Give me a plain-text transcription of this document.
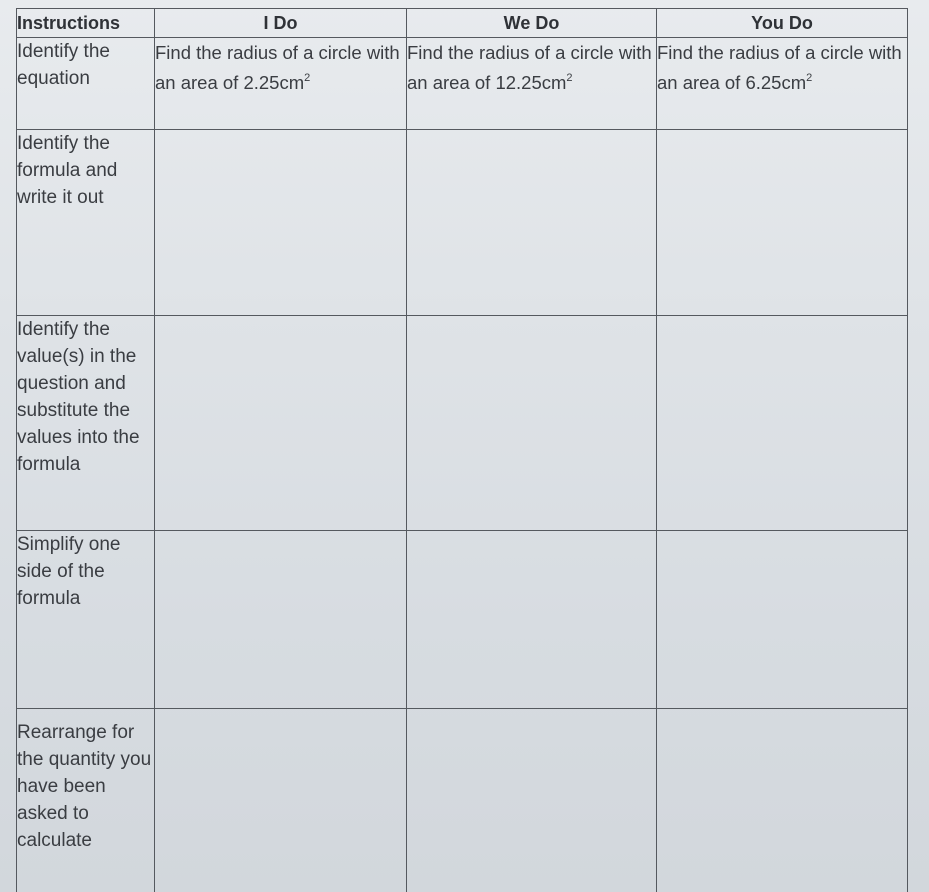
Instructions	I Do	We Do	You Do
Identify the equation	Find the radius of a circle with an area of $2.25cm^2$	Find the radius of a circle with an area of $12.25cm^2$	Find the radius of a circle with an area of $6.25cm^2$
Identify the formula and write it out			
Identify the value(s) in the question and substitute the values into the formula			
Simplify one side of the formula			
Rearrange for the quantity you have been asked to calculate			
